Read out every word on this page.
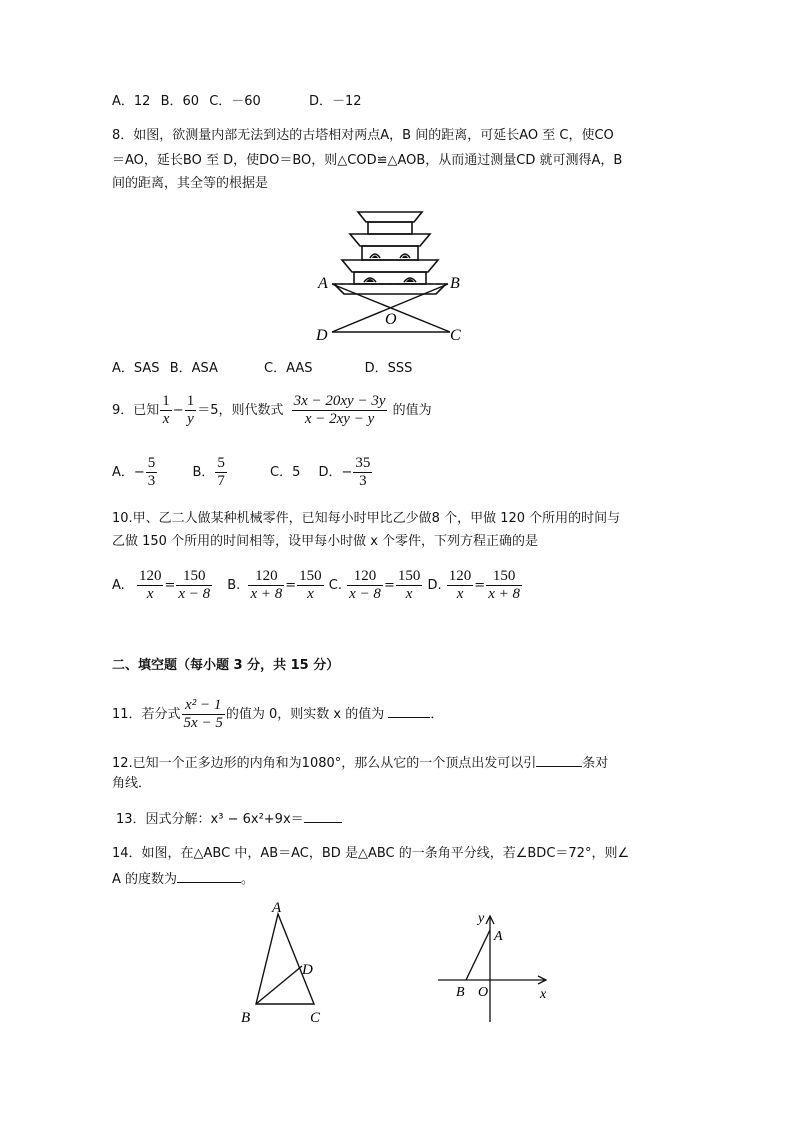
A．12 B．60 C．－60	D．－12
8．如图，欲测量内部无法到达的古塔相对两点A，B 间的距离，可延长AO 至 C，使CO
＝AO，延长BO 至 D，使DO＝BO，则△COD≌△AOB，从而通过测量CD 就可测得A，B
间的距离，其全等的根据是
A	B
O
D	C
A．SAS B．ASA	C．AAS	D．SSS
9．已知 $\frac{1}{x} - \frac{1}{y} =5$，则代数式 $\frac{3x - 20xy - 3y}{x - 2xy - y}$ 的值为
A．− $\frac{5}{3}$	B． $\frac{5}{7}$	C．5 D．− $\frac{35}{3}$
10.甲、乙二人做某种机械零件，已知每小时甲比乙少做8 个，甲做 120 个所用的时间与
乙做 150 个所用的时间相等，设甲每小时做 x 个零件，下列方程正确的是
A. $\frac{120}{x} = \frac{150}{x - 8} B$. $\frac{120}{x + 8} = \frac{150}{x} C$. $\frac{120}{x - 8} = \frac{150}{x} D$. $\frac{120}{x} = \frac{150}{x + 8}$
二、填空题（每小题 3 分，共 15 分）
11．若分式 $\frac{\text{x² − 1}}{5x - 5}$ 的值为 0，则实数 x 的值为	．
12.已知一个正多边形的内角和为1080°，那么从它的一个顶点出发可以引	条对
角线．
13．因式分解：x³ − 6x²+9x＝
14．如图，在△ABC 中，AB＝AC，BD 是△ABC 的一条角平分线，若∠BDC＝72°，则∠
A 的度数为	。
A
D
B	C
y
A
B O	x
